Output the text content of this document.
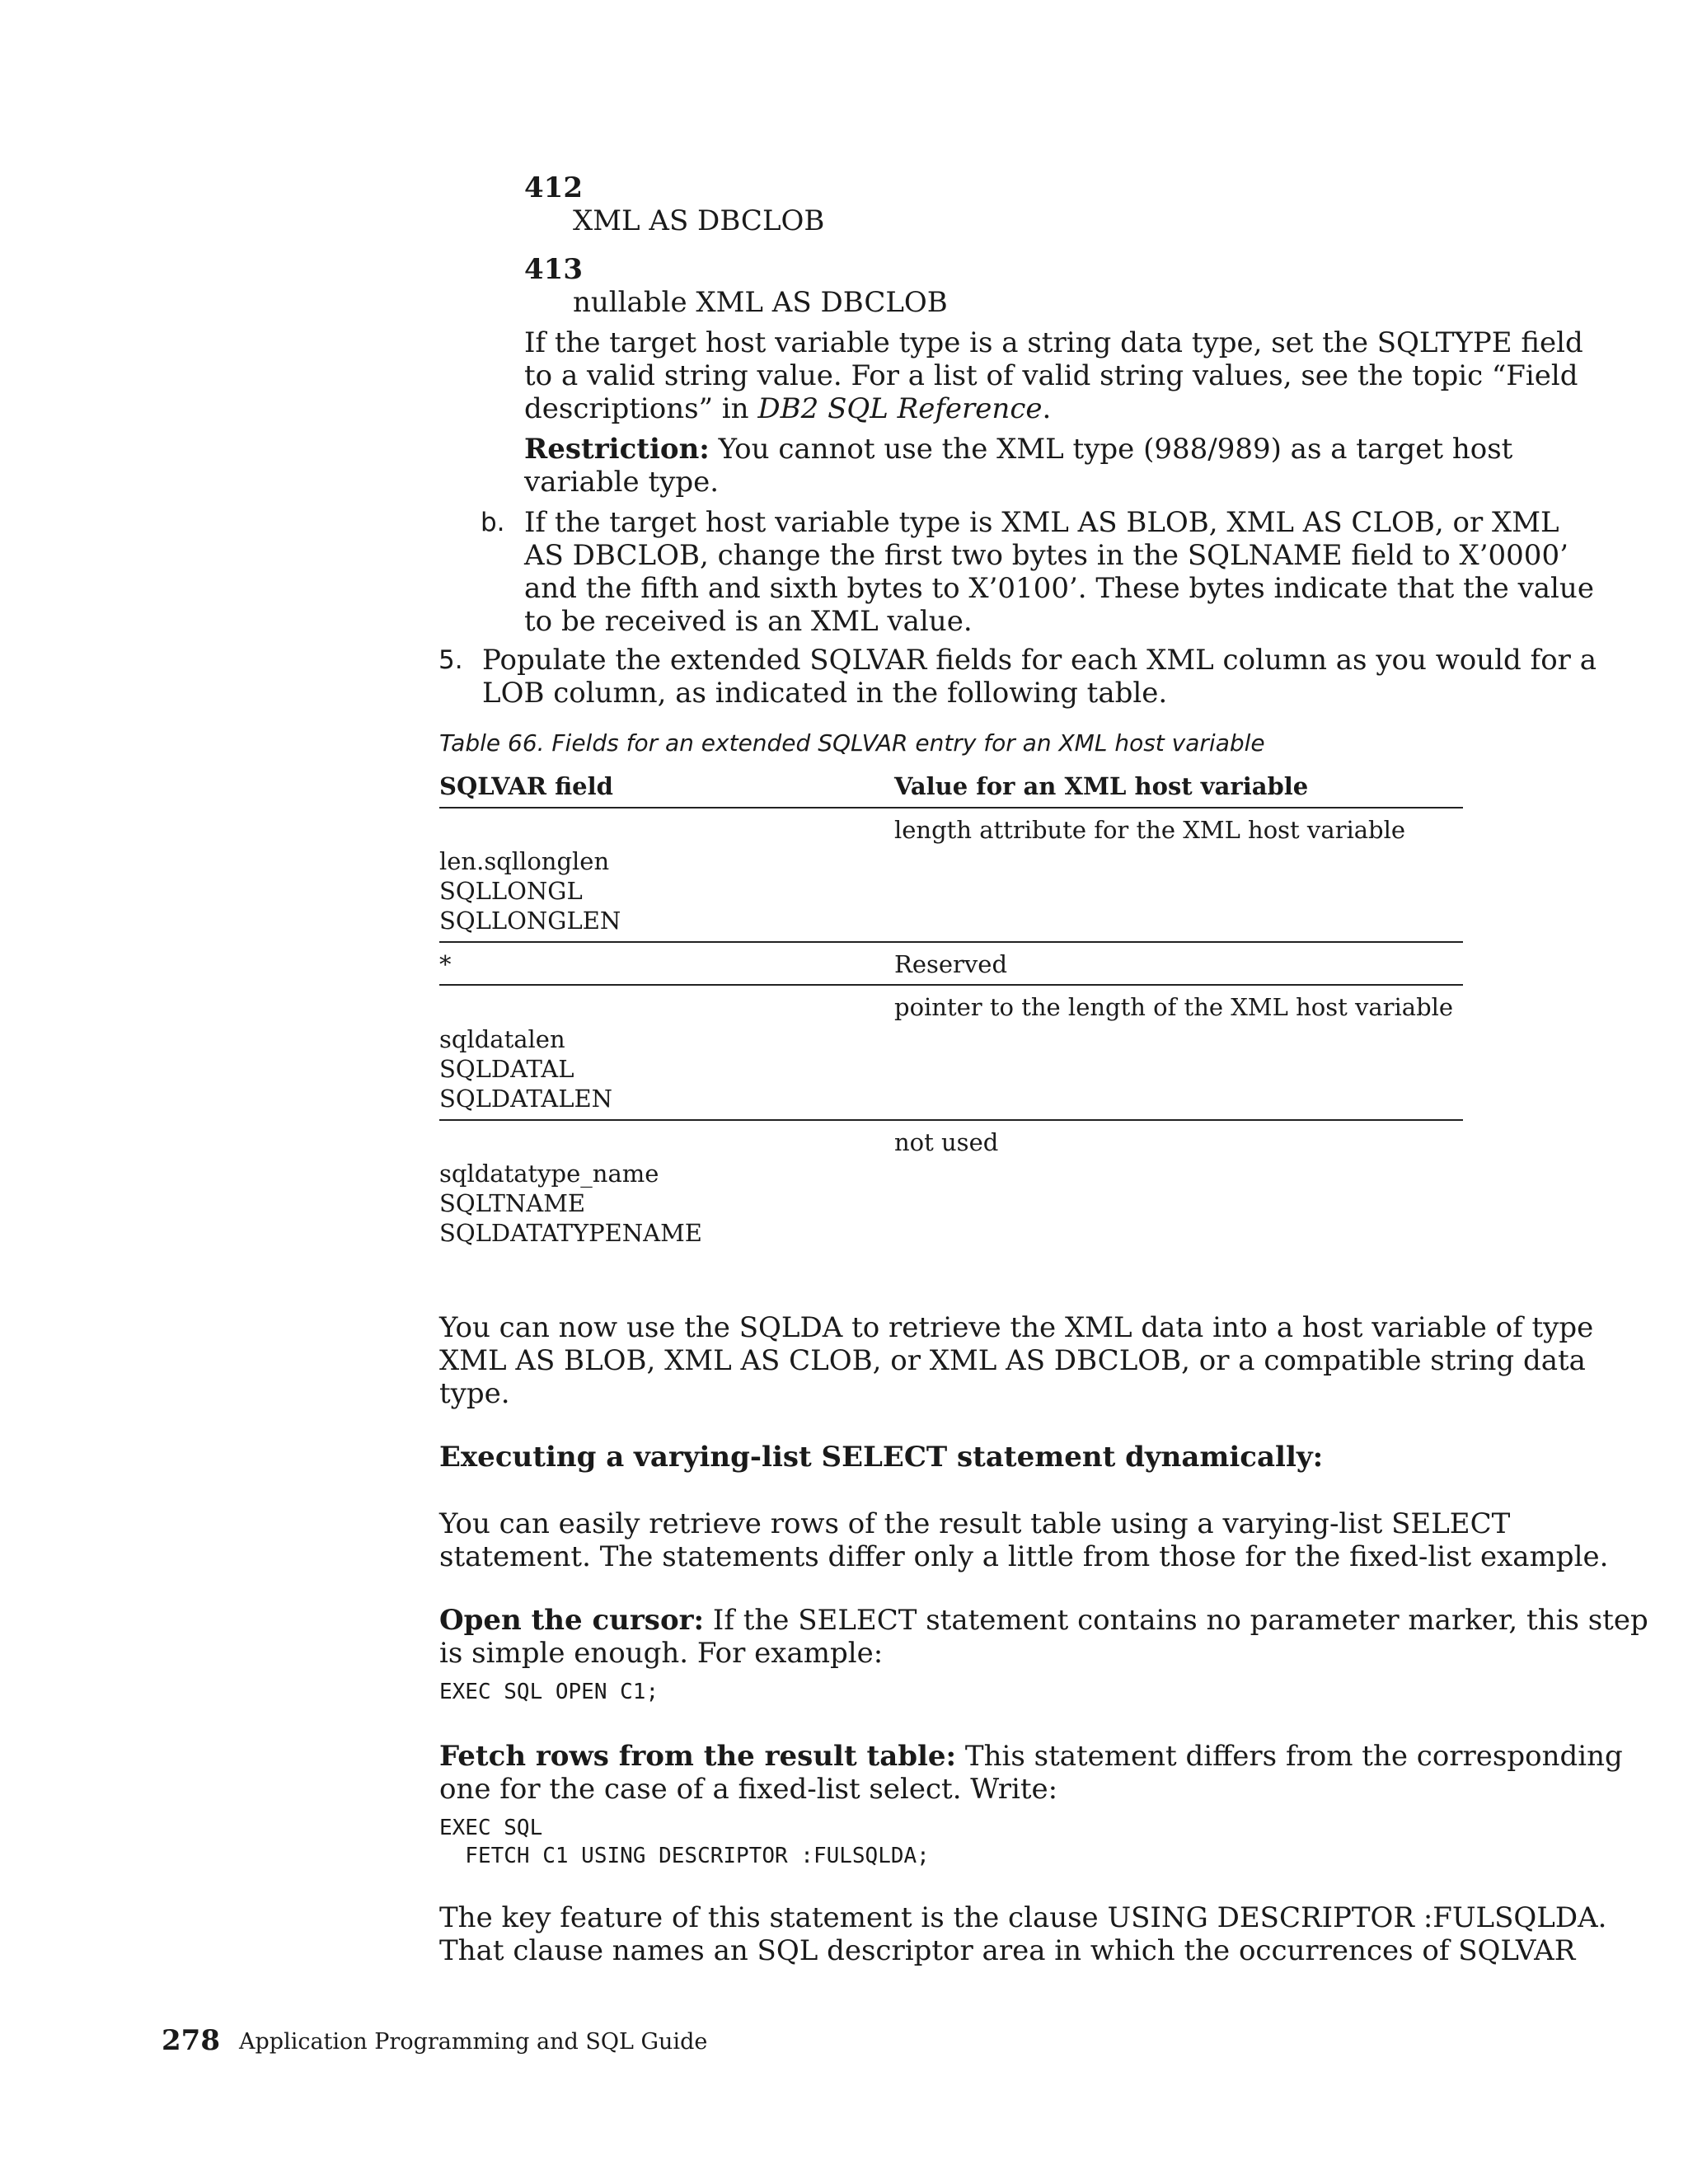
412
XML AS DBCLOB
413
nullable XML AS DBCLOB

If the target host variable type is a string data type, set the SQLTYPE field

to a valid string value. For a list of valid string values, see the topic “Field

descriptions” in DB2 SQL Reference.

Restriction: You cannot use the XML type (988/989) as a target host

variable type.

b. If the target host variable type is XML AS BLOB, XML AS CLOB, or XML

AS DBCLOB, change the first two bytes in the SQLNAME field to X’0000’

and the fifth and sixth bytes to X’0100’. These bytes indicate that the value

to be received is an XML value.

5. Populate the extended SQLVAR fields for each XML column as you would for a

LOB column, as indicated in the following table.

Table 66. Fields for an extended SQLVAR entry for an XML host variable
SQLVAR field	Value for an XML host variable
length attribute for the XML host variable

len.sqllonglen

SQLLONGL

SQLLONGLEN

*	Reserved
pointer to the length of the XML host variable

sqldatalen

SQLDATAL

SQLDATALEN

not used

sqldatatype_name

SQLTNAME

SQLDATATYPENAME

You can now use the SQLDA to retrieve the XML data into a host variable of type

XML AS BLOB, XML AS CLOB, or XML AS DBCLOB, or a compatible string data

type.

Executing a varying-list SELECT statement dynamically:

You can easily retrieve rows of the result table using a varying-list SELECT

statement. The statements differ only a little from those for the fixed-list example.

Open the cursor: If the SELECT statement contains no parameter marker, this step

is simple enough. For example:

EXEC SQL OPEN C1;

Fetch rows from the result table: This statement differs from the corresponding

one for the case of a fixed-list select. Write:

EXEC SQL

FETCH C1 USING DESCRIPTOR :FULSQLDA;

The key feature of this statement is the clause USING DESCRIPTOR :FULSQLDA.

That clause names an SQL descriptor area in which the occurrences of SQLVAR

278 Application Programming and SQL Guide
